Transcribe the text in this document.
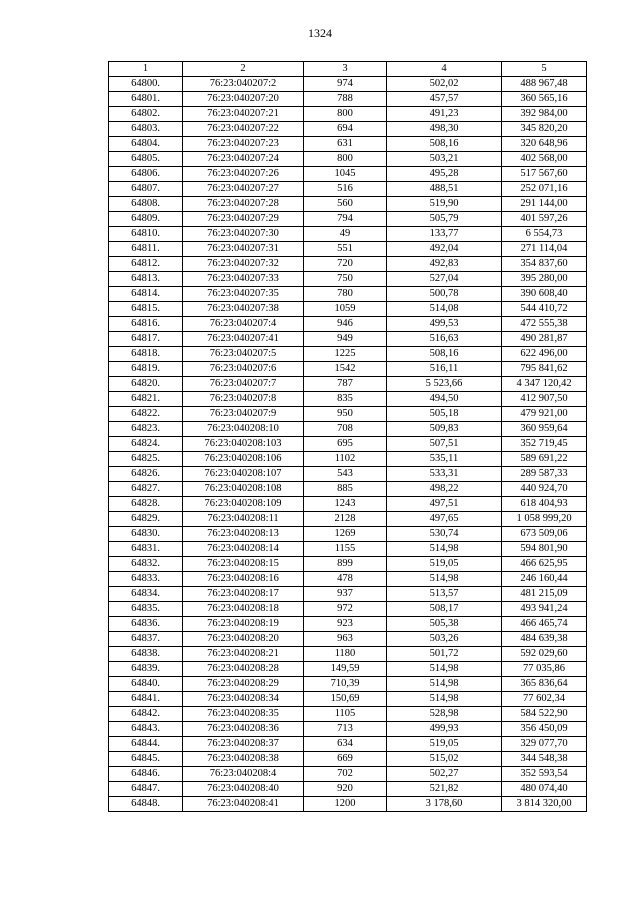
1324
1	2	3	4	5
64800.	76:23:040207:2	974	502,02	488 967,48
64801.	76:23:040207:20	788	457,57	360 565,16
64802.	76:23:040207:21	800	491,23	392 984,00
64803.	76:23:040207:22	694	498,30	345 820,20
64804.	76:23:040207:23	631	508,16	320 648,96
64805.	76:23:040207:24	800	503,21	402 568,00
64806.	76:23:040207:26	1045	495,28	517 567,60
64807.	76:23:040207:27	516	488,51	252 071,16
64808.	76:23:040207:28	560	519,90	291 144,00
64809.	76:23:040207:29	794	505,79	401 597,26
64810.	76:23:040207:30	49	133,77	6 554,73
64811.	76:23:040207:31	551	492,04	271 114,04
64812.	76:23:040207:32	720	492,83	354 837,60
64813.	76:23:040207:33	750	527,04	395 280,00
64814.	76:23:040207:35	780	500,78	390 608,40
64815.	76:23:040207:38	1059	514,08	544 410,72
64816.	76:23:040207:4	946	499,53	472 555,38
64817.	76:23:040207:41	949	516,63	490 281,87
64818.	76:23:040207:5	1225	508,16	622 496,00
64819.	76:23:040207:6	1542	516,11	795 841,62
64820.	76:23:040207:7	787	5 523,66	4 347 120,42
64821.	76:23:040207:8	835	494,50	412 907,50
64822.	76:23:040207:9	950	505,18	479 921,00
64823.	76:23:040208:10	708	509,83	360 959,64
64824.	76:23:040208:103	695	507,51	352 719,45
64825.	76:23:040208:106	1102	535,11	589 691,22
64826.	76:23:040208:107	543	533,31	289 587,33
64827.	76:23:040208:108	885	498,22	440 924,70
64828.	76:23:040208:109	1243	497,51	618 404,93
64829.	76:23:040208:11	2128	497,65	1 058 999,20
64830.	76:23:040208:13	1269	530,74	673 509,06
64831.	76:23:040208:14	1155	514,98	594 801,90
64832.	76:23:040208:15	899	519,05	466 625,95
64833.	76:23:040208:16	478	514,98	246 160,44
64834.	76:23:040208:17	937	513,57	481 215,09
64835.	76:23:040208:18	972	508,17	493 941,24
64836.	76:23:040208:19	923	505,38	466 465,74
64837.	76:23:040208:20	963	503,26	484 639,38
64838.	76:23:040208:21	1180	501,72	592 029,60
64839.	76:23:040208:28	149,59	514,98	77 035,86
64840.	76:23:040208:29	710,39	514,98	365 836,64
64841.	76:23:040208:34	150,69	514,98	77 602,34
64842.	76:23:040208:35	1105	528,98	584 522,90
64843.	76:23:040208:36	713	499,93	356 450,09
64844.	76:23:040208:37	634	519,05	329 077,70
64845.	76:23:040208:38	669	515,02	344 548,38
64846.	76:23:040208:4	702	502,27	352 593,54
64847.	76:23:040208:40	920	521,82	480 074,40
64848.	76:23:040208:41	1200	3 178,60	3 814 320,00
